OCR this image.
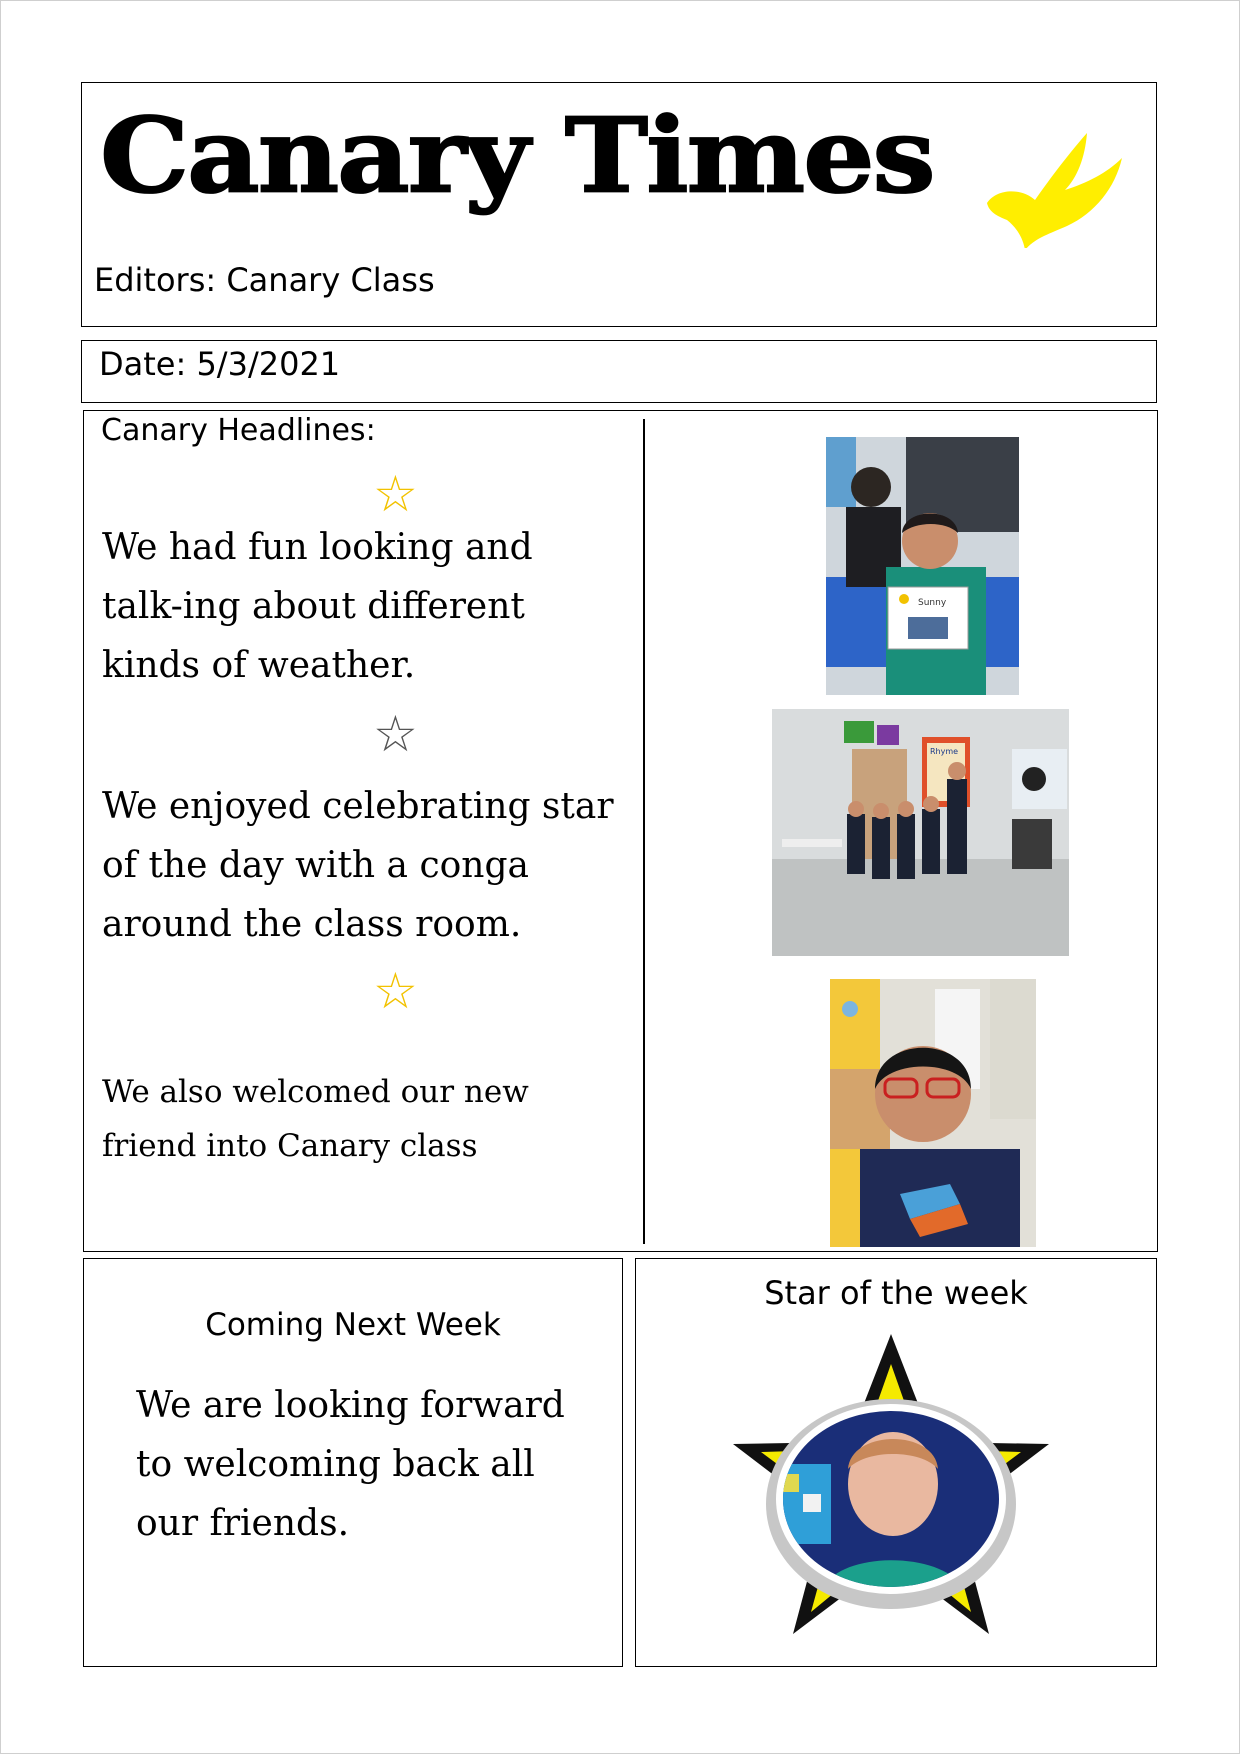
Canary Times
Editors: Canary Class
Date: 5/3/2021
Canary Headlines:
☆
We had fun looking and talk-ing about different kinds of weather.
☆
We enjoyed celebrating star of the day with a conga around the class room.
☆
We also welcomed our new friend into Canary class
Sunny
Rhyme
Coming Next Week
We are looking forward to welcoming back all our friends.
Star of the week
